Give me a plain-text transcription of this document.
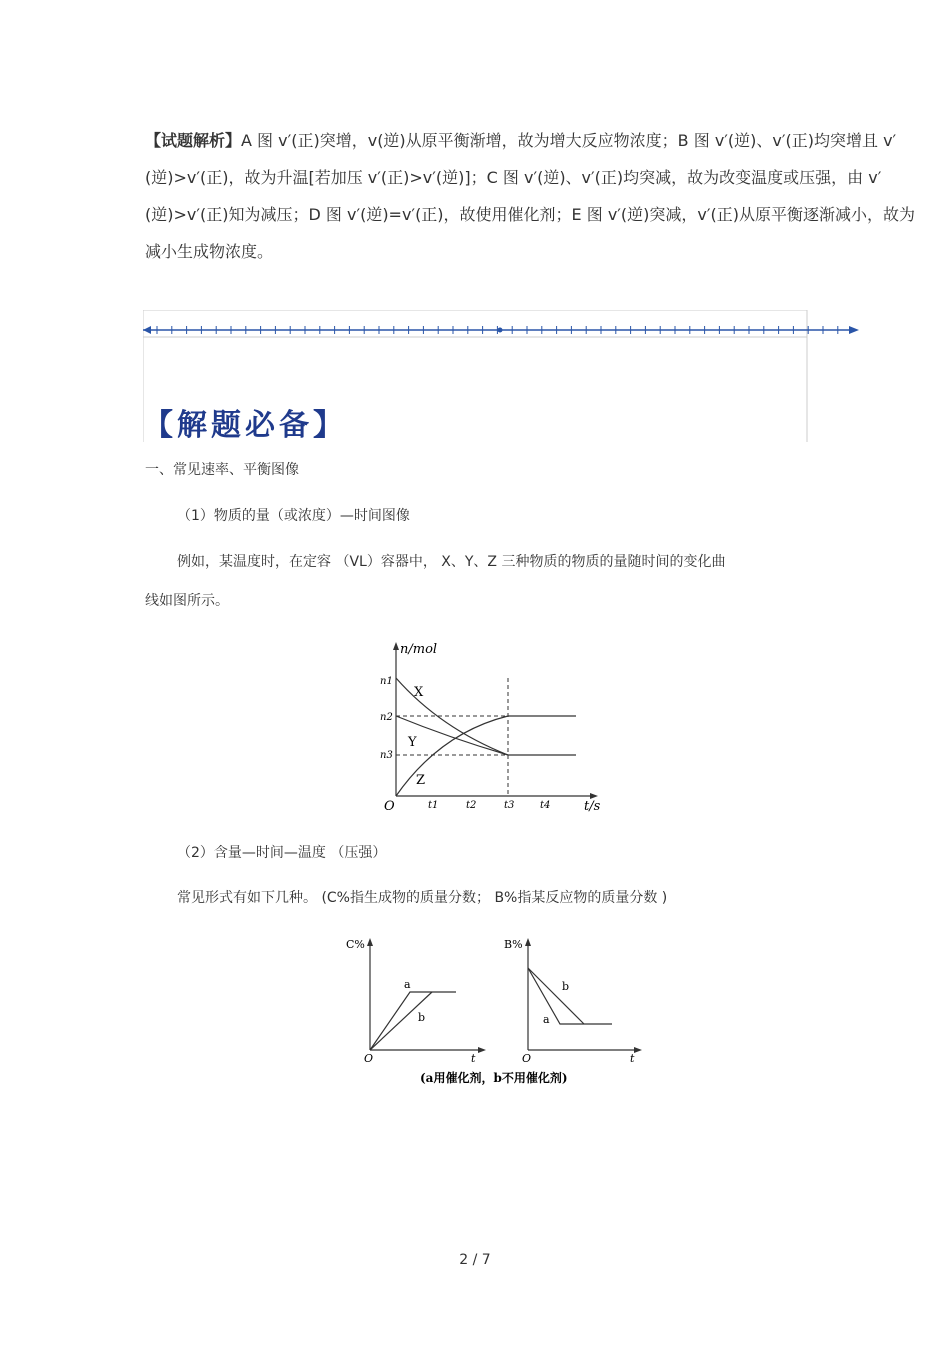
【试题解析】A 图 v′(正)突增，v(逆)从原平衡渐增，故为增大反应物浓度；B 图 v′(逆)、v′(正)均突增且 v′(逆)>v′(正)，故为升温[若加压 v′(正)>v′(逆)]；C 图 v′(逆)、v′(正)均突减，故为改变温度或压强，由 v′(逆)>v′(正)知为减压；D 图 v′(逆)=v′(正)，故使用催化剂；E 图 v′(逆)突减，v′(正)从原平衡逐渐减小，故为减小生成物浓度。
【解题必备】
一、常见速率、平衡图像
（1）物质的量（或浓度）—时间图像
例如，某温度时，在定容 （VL）容器中， X、Y、Z 三种物质的物质的量随时间的变化曲
线如图所示。
n/mol
t/s
O
n1
n2
n3
t1	t2	t3	t4
X
Y
Z
（2）含量—时间—温度 （压强）
常见形式有如下几种。 (C%指生成物的质量分数； B%指某反应物的质量分数 )
C%
t
O
a
b
B%
t
O
b
a
(a用催化剂，b不用催化剂)
2 / 7
